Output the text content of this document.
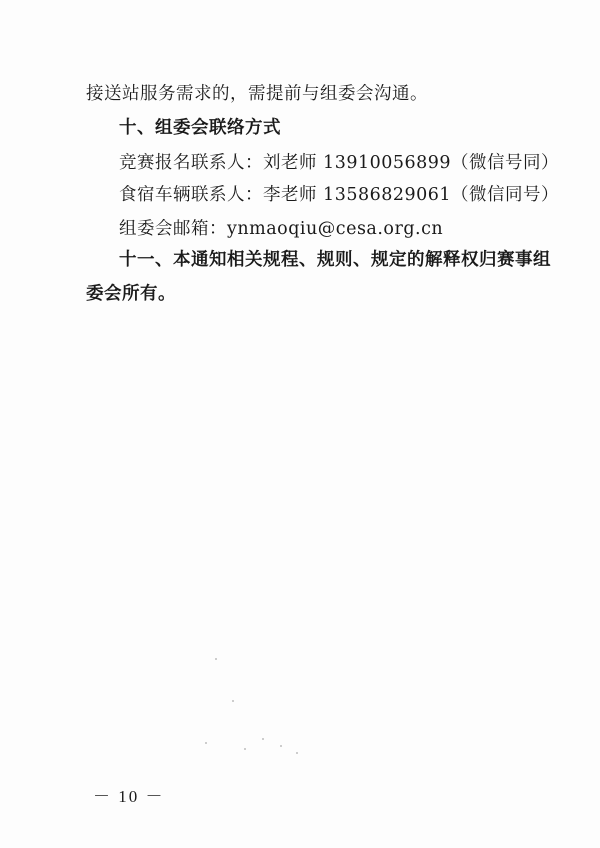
接送站服务需求的，需提前与组委会沟通。
十、组委会联络方式
竞赛报名联系人：刘老师 13910056899（微信号同）
食宿车辆联系人：李老师 13586829061（微信同号）
组委会邮箱：ynmaoqiu@cesa.org.cn
十一、本通知相关规程、规则、规定的解释权归赛事组
委会所有。
－ 10 －
